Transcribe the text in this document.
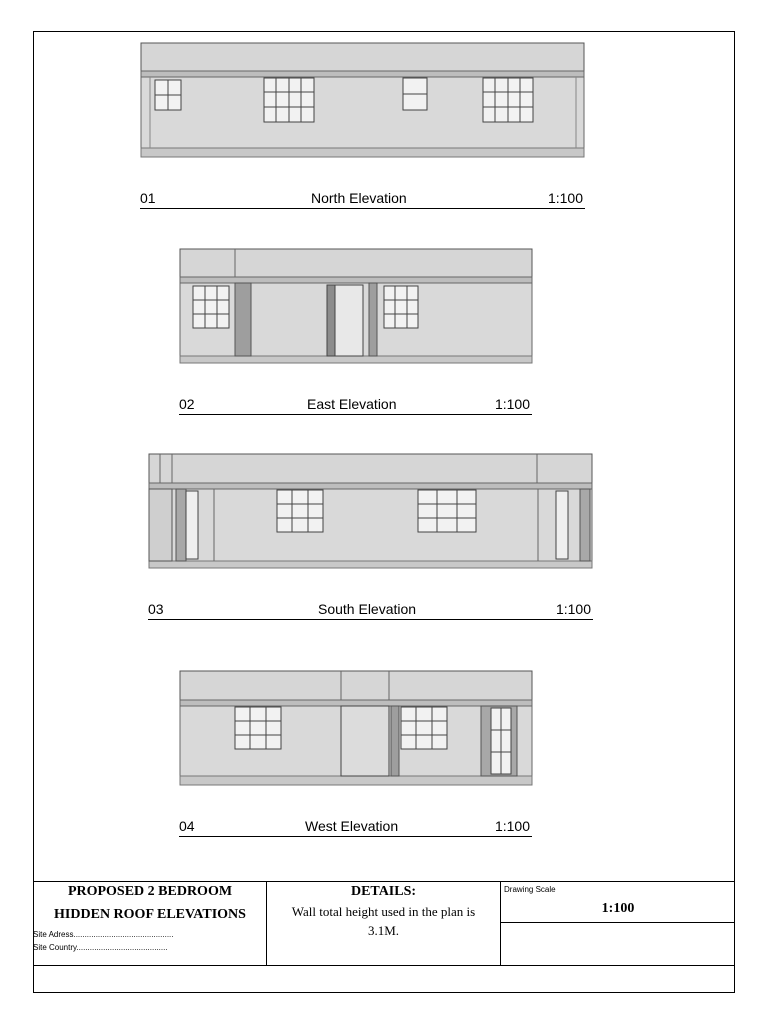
01	North Elevation	1:100
02	East Elevation	1:100
03	South Elevation	1:100
04	West Elevation	1:100
PROPOSED 2 BEDROOM
HIDDEN ROOF ELEVATIONS
Site Adress.............................................
Site Country.........................................
DETAILS:
Wall total height used in the plan is 3.1M.
Drawing Scale
1:100
